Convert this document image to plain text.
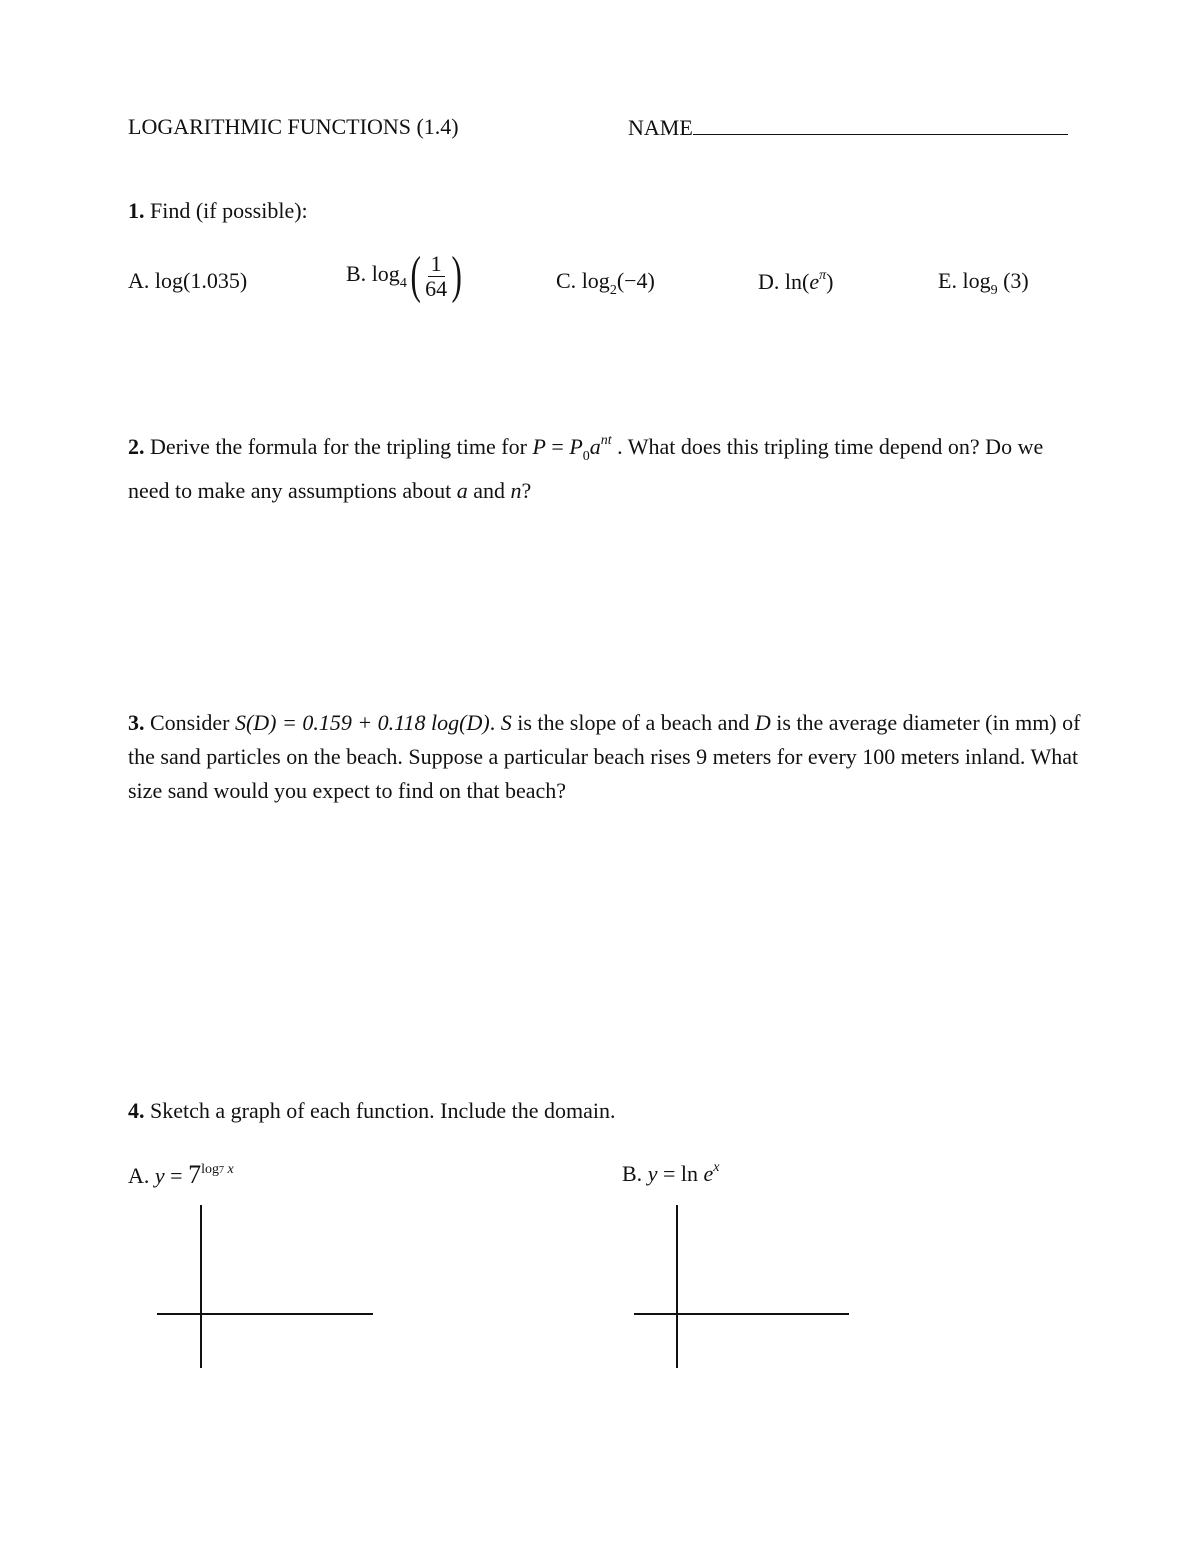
LOGARITHMIC FUNCTIONS (1.4)	NAME
1. Find (if possible):
A. log(1.035)	B. $\log_4( \frac{1}{64}$ )	C. $\log_2(-4)$	D. $\ln(e^\pi)$	E. $\log_9 (3)$
2. Derive the formula for the tripling time for $P = P_0a^{nt}$ . What does this tripling time depend on? Do we need to make any assumptions about a and n?
3. Consider S(D) = 0.159 + 0.118 log(D). S is the slope of a beach and D is the average diameter (in mm) of the sand particles on the beach. Suppose a particular beach rises 9 meters for every 100 meters inland. What size sand would you expect to find on that beach?
4. Sketch a graph of each function. Include the domain.
A. $y = 7^{log7 x}$	B. $y = \ln e^x$
